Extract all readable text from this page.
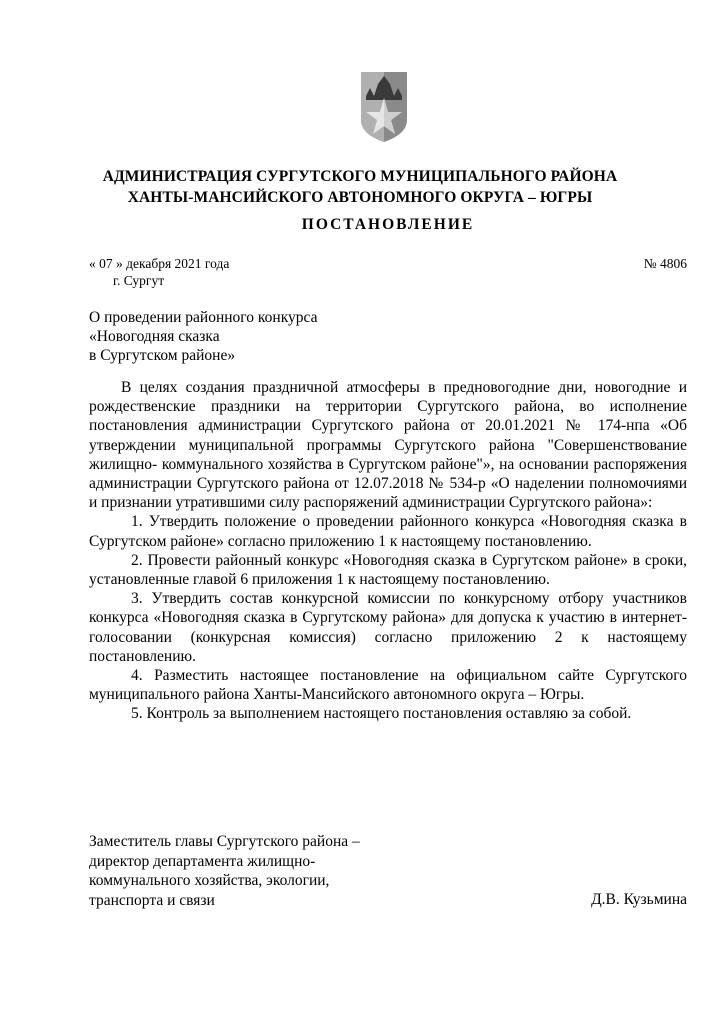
АДМИНИСТРАЦИЯ СУРГУТСКОГО МУНИЦИПАЛЬНОГО РАЙОНА
ХАНТЫ-МАНСИЙСКОГО АВТОНОМНОГО ОКРУГА – ЮГРЫ
ПОСТАНОВЛЕНИЕ
« 07 » декабря 2021 года	№ 4806
г. Сургут
О проведении районного конкурса
«Новогодняя сказка
в Сургутском районе»

В целях создания праздничной атмосферы в предновогодние дни, новогодние и рождественские праздники на территории Сургутского района, во исполнение постановления администрации Сургутского района от 20.01.2021 № 174-нпа «Об утверждении муниципальной программы Сургутского района "Совершенствование жилищно- коммунального хозяйства в Сургутском районе"», на основании распоряжения администрации Сургутского района от 12.07.2018 № 534-р «О наделении полномочиями и признании утратившими силу распоряжений администрации Сургутского района»:

1. Утвердить положение о проведении районного конкурса «Новогодняя сказка в Сургутском районе» согласно приложению 1 к настоящему постановлению.

2. Провести районный конкурс «Новогодняя сказка в Сургутском районе» в сроки, установленные главой 6 приложения 1 к настоящему постановлению.

3. Утвердить состав конкурсной комиссии по конкурсному отбору участников конкурса «Новогодняя сказка в Сургутскому района» для допуска к участию в интернет-голосовании (конкурсная комиссия) согласно приложению 2 к настоящему постановлению.

4. Разместить настоящее постановление на официальном сайте Сургутского муниципального района Ханты-Мансийского автономного округа – Югры.

5. Контроль за выполнением настоящего постановления оставляю за собой.

Заместитель главы Сургутского района –
директор департамента жилищно-
коммунального хозяйства, экологии,
транспорта и связи	Д.В. Кузьмина
